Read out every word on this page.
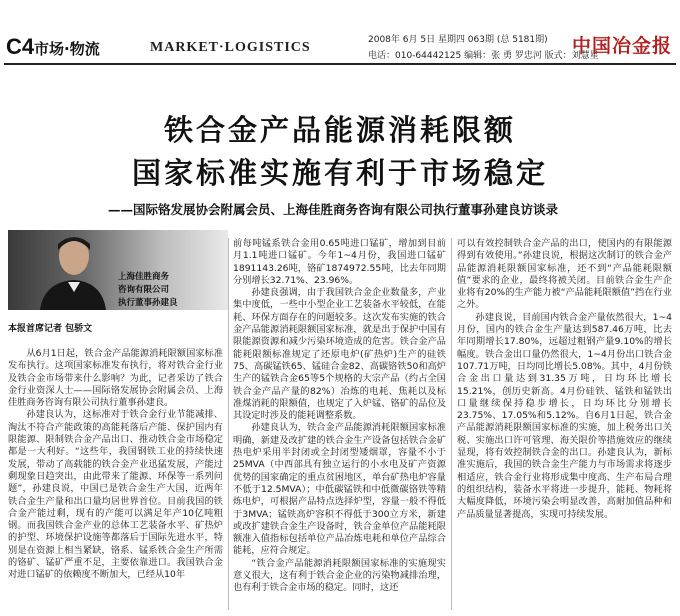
C4 市场·物流	MARKET·LOGISTICS	2008年 6月 5日 星期四 063期 (总 5181期)
电话：010-64442125 编辑：张 勇 罗忠河 版式：刘慧星
中国冶金报
铁合金产品能源消耗限额
国家标准实施有利于市场稳定
——国际铬发展协会附属会员、上海佳胜商务咨询有限公司执行董事孙建良访谈录
上海佳胜商务
咨询有限公司
执行董事孙建良
本报首席记者 包骄文

从6月1日起，铁合金产品能源消耗限额国家标准发布执行。这项国家标准发布执行，将对铁合金行业及铁合金市场带来什么影响？为此，记者采访了铁合金行业资深人士——国际铬发展协会附属会员、上海佳胜商务咨询有限公司执行董事孙建良。

孙建良认为，这标准对于铁合金行业节能减排、淘汰不符合产能政策的高能耗落后产能、保护国内有限能源、限制铁合金产品出口、推动铁合金市场稳定都是一大利好。“这些年，我国钢铁工业的持续快速发展，带动了高载能的铁合金产业迅猛发展，产能过剩现象日趋突出，由此带来了能源、环保等一系列问题”，孙建良说，中国已是铁合金生产大国，近两年铁合金生产量和出口量均居世界首位。目前我国的铁合金产能过剩，现有的产能可以满足年产10亿吨粗钢。而我国铁合金产业的总体工艺装备水平、矿热炉的护型、环境保护设施等都落后于国际先进水平，特别是在资源上相当紧缺，铬系、锰系铁合金生产所需的铬矿、锰矿严重不足，主要依靠进口。我国铁合金对进口锰矿的依赖度不断加大，已经从10年

前每吨锰系铁合金用0.65吨进口锰矿，增加到目前月1.1吨进口锰矿。今年1~4月份，我国进口锰矿1891143.26吨，铬矿1874972.55吨，比去年同期分别增长32.71%、23.96%。

孙建良强调，由于我国铁合金企业数量多，产业集中度低，一些中小型企业工艺装备水平较低，在能耗、环保方面存在的问题较多。这次发布实施的铁合金产品能源消耗限额国家标准，就是出于保护中国有限能源资源和减少污染环境造成的危害。铁合金产品能耗限额标准规定了还原电炉(矿热炉)生产的硅铁75、高碳锰铁65、锰硅合金82、高碳铬铁50和高炉生产的锰铁合金65等5个规格的大宗产品（约占全国铁合金产品产量的82%）冶炼的电耗、焦耗以及标准煤消耗的限额值，也规定了入炉锰、铬矿的品位及其设定时涉及的能耗调整系数。

孙建良认为，铁合金产品能源消耗限额国家标准明确，新建及改扩建的铁合金生产设备包括铁合金矿热电炉采用半封闭或全封闭型矮烟罩，容量不小于25MVA（中西部具有独立运行的小水电及矿产资源优势的国家确定的重点贫困地区，单台矿热电炉容量不低于12.5MVA）；中低碳锰铁和中低微碳铬铁等精炼电炉，可根据产品特点选择炉型，容量一般不得低于3MVA；锰铁高炉容积不得低于300立方米，新建或改扩建铁合金生产设备时，铁合金单位产品能耗限额准入值指标包括单位产品冶炼电耗和单位产品综合能耗，应符合规定。

“铁合金产品能源消耗限额国家标准的实施现实意义很大，这有利于铁合金企业的污染物减排治理，也有利于铁合金市场的稳定。同时，这还

可以有效控制铁合金产品的出口，使国内的有限能源得到有效使用。”孙建良说，根据这次制订的铁合金产品能源消耗限额国家标准，还不到“产品能耗限额值”要求的企业，最终将被关闭。目前铁合金生产企业将有20%的生产能力被“产品能耗限额值”挡在行业之外。

孙建良说，目前国内铁合金产量依然很大，1~4月份，国内的铁合金生产量达到587.46万吨，比去年同期增长17.80%，远超过粗钢产量9.10%的增长幅度。铁合金出口量仍然很大，1~4月份出口铁合金107.71万吨，日均同比增长5.08%。其中，4月份铁合金出口量达到31.35万吨，日均环比增长15.21%，创历史新高。4月份硅铁、锰铁和锰铁出口量继续保持稳步增长，日均环比分别增长23.75%、17.05%和5.12%。自6月1日起，铁合金产品能源消耗限额国家标准的实施，加上税务出口关税、实施出口许可管理、海关限价等措施效应的继续显现，将有效控制铁合金的出口。孙建良认为，新标准实施后，我国的铁合金生产能力与市场需求将逐步相适应，铁合金行业将形成集中度高、生产布局合理的组织结构，装备水平将进一步提升，能耗、物耗将大幅度降低，环境污染会明显改善，高耐加值品种和产品质量显著提高，实现可持续发展。
